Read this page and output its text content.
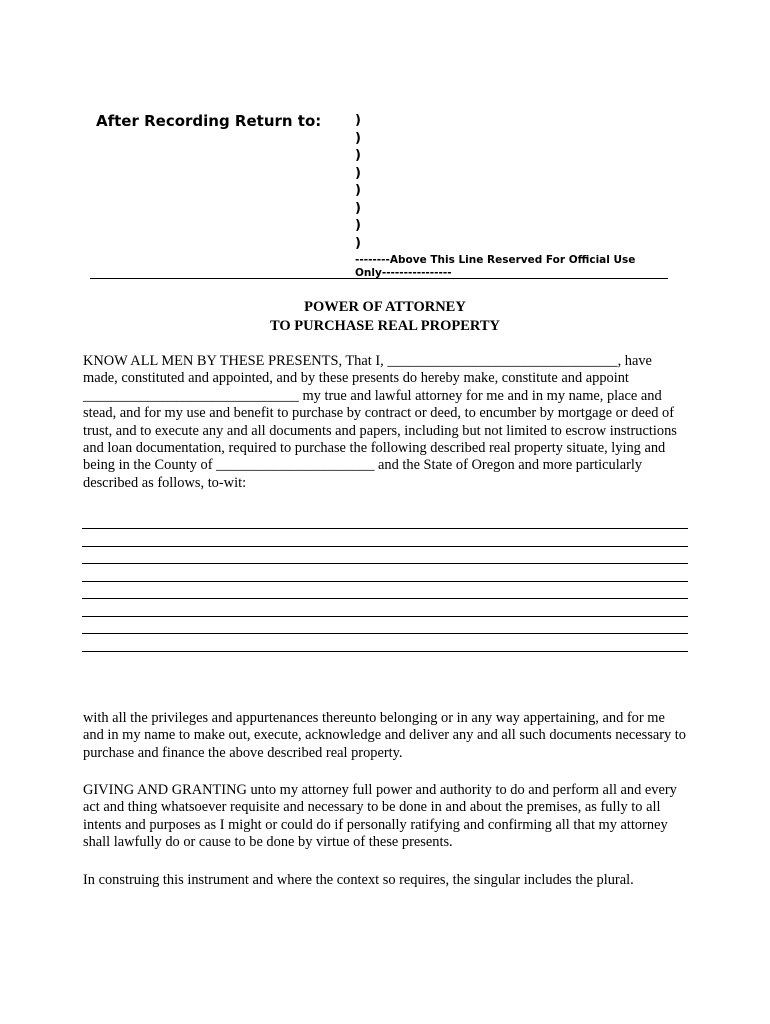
After Recording Return to:	)
)
)
)
)
)
)
)
--------Above This Line Reserved For Official Use Only----------------
POWER OF ATTORNEY
TO PURCHASE REAL PROPERTY
KNOW ALL MEN BY THESE PRESENTS, That I, ________________________________, have made, constituted and appointed, and by these presents do hereby make, constitute and appoint ______________________________ my true and lawful attorney for me and in my name, place and stead, and for my use and benefit to purchase by contract or deed, to encumber by mortgage or deed of trust, and to execute any and all documents and papers, including but not limited to escrow instructions and loan documentation, required to purchase the following described real property situate, lying and being in the County of ______________________ and the State of Oregon and more particularly described as follows, to-wit:
with all the privileges and appurtenances thereunto belonging or in any way appertaining, and for me and in my name to make out, execute, acknowledge and deliver any and all such documents necessary to purchase and finance the above described real property.
GIVING AND GRANTING unto my attorney full power and authority to do and perform all and every act and thing whatsoever requisite and necessary to be done in and about the premises, as fully to all intents and purposes as I might or could do if personally ratifying and confirming all that my attorney shall lawfully do or cause to be done by virtue of these presents.
In construing this instrument and where the context so requires, the singular includes the plural.
